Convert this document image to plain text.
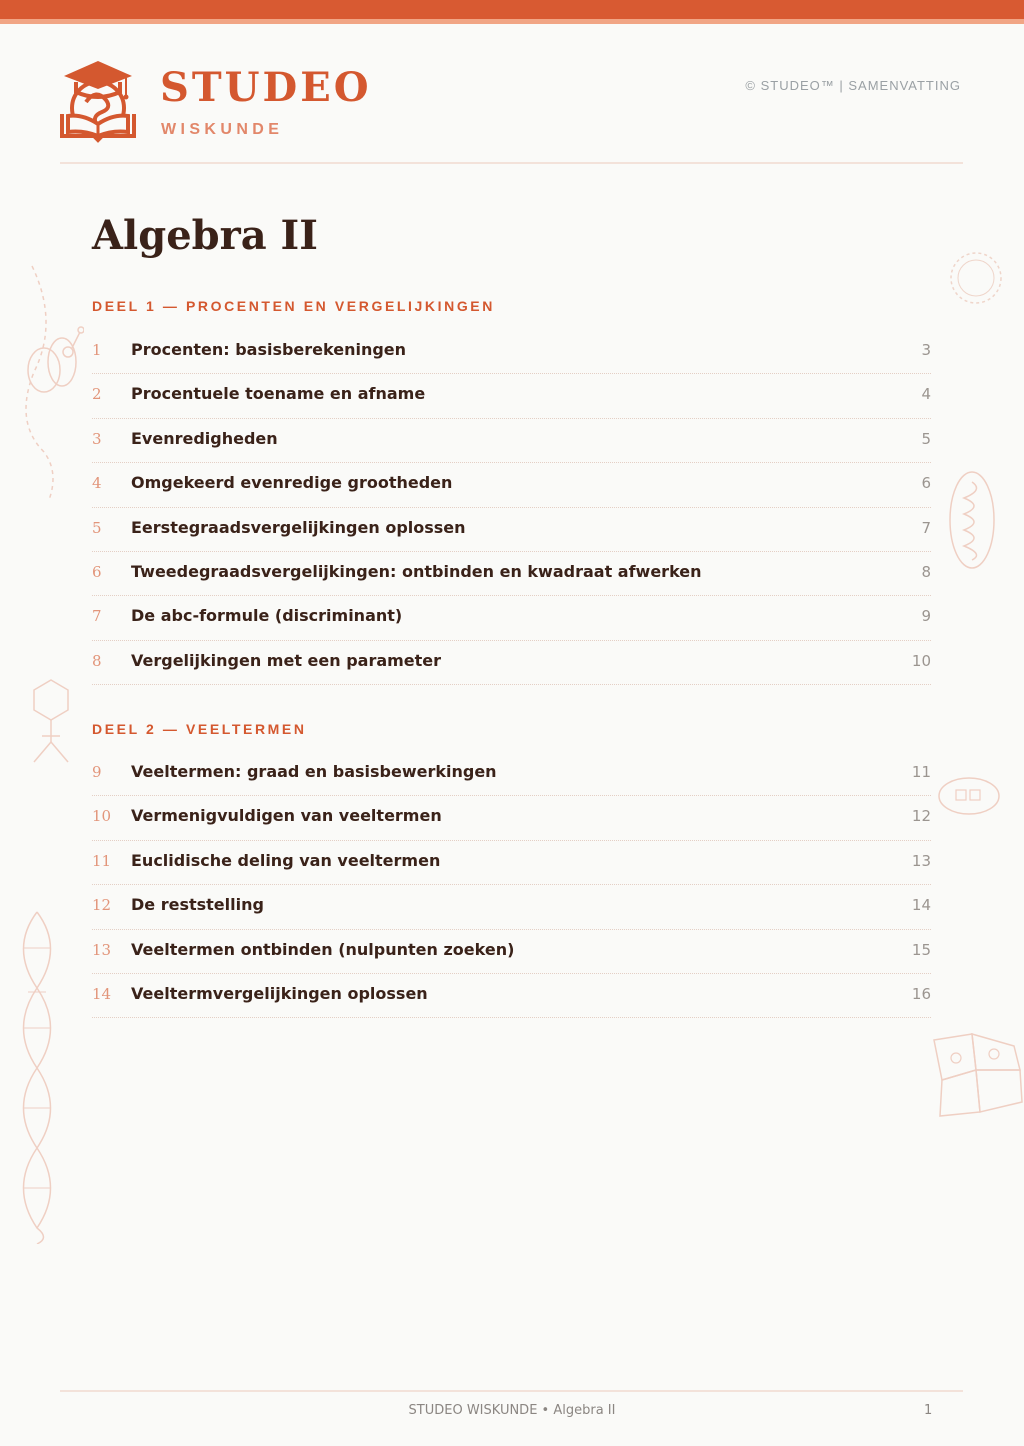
STUDEO
WISKUNDE
© STUDEO™ | SAMENVATTING
Algebra II
DEEL 1 — PROCENTEN EN VERGELIJKINGEN
1 Procenten: basisberekeningen	3
2 Procentuele toename en afname	4
3 Evenredigheden	5
4 Omgekeerd evenredige grootheden	6
5 Eerstegraadsvergelijkingen oplossen	7
6 Tweedegraadsvergelijkingen: ontbinden en kwadraat afwerken	8
7 De abc-formule (discriminant)	9
8 Vergelijkingen met een parameter	10
DEEL 2 — VEELTERMEN
9 Veeltermen: graad en basisbewerkingen	11
10 Vermenigvuldigen van veeltermen	12
11 Euclidische deling van veeltermen	13
12 De reststelling	14
13 Veeltermen ontbinden (nulpunten zoeken)	15
14 Veeltermvergelijkingen oplossen	16
STUDEO WISKUNDE • Algebra II	1
